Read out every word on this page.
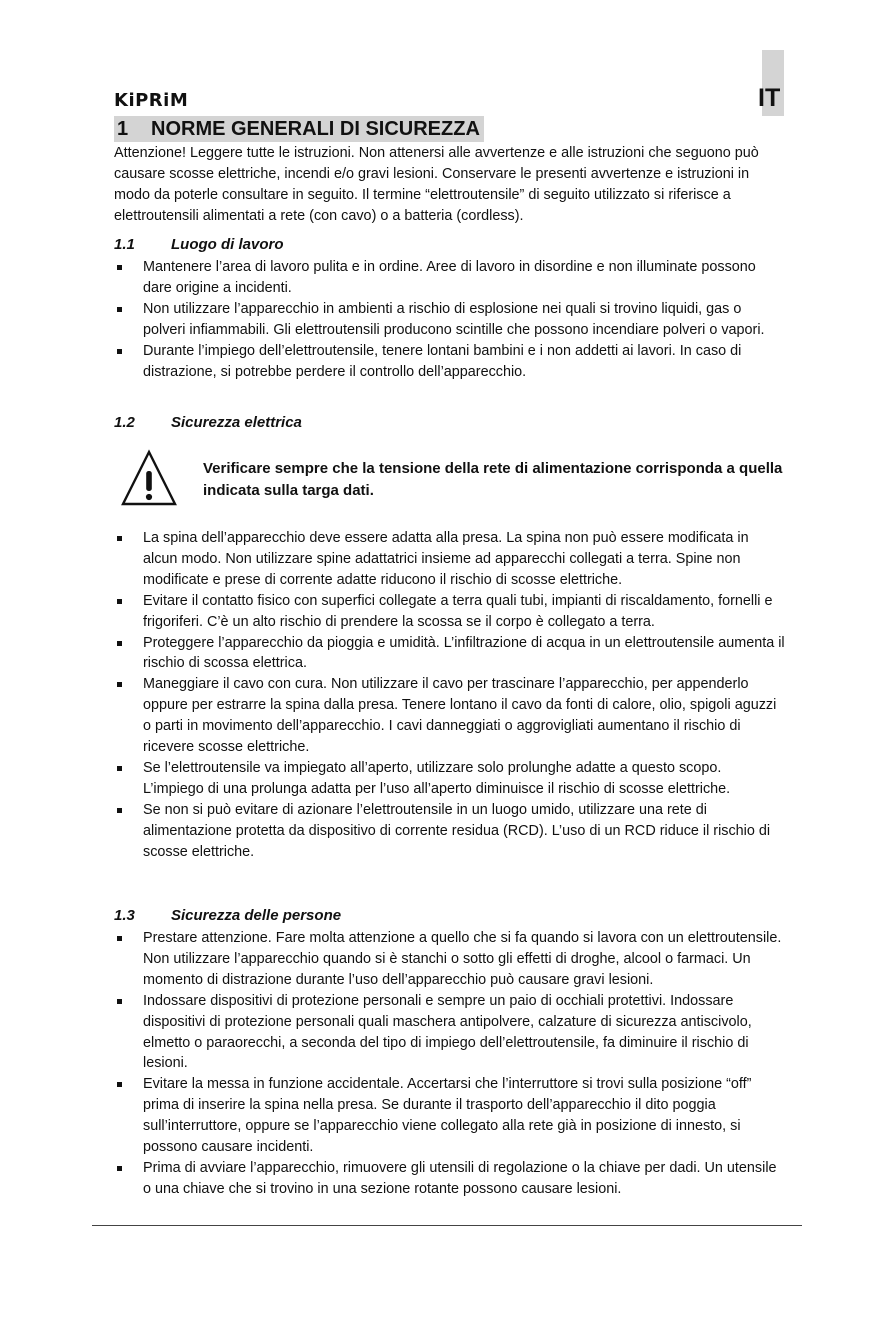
KiPRiM	IT
1 NORME GENERALI DI SICUREZZA

Attenzione! Leggere tutte le istruzioni. Non attenersi alle avvertenze e alle istruzioni che seguono può causare scosse elettriche, incendi e/o gravi lesioni. Conservare le presenti avvertenze e istruzioni in modo da poterle consultare in seguito. Il termine “elettroutensile” di seguito utilizzato si riferisce a elettroutensili alimentati a rete (con cavo) o a batteria (cordless).

1.1 Luogo di lavoro
Mantenere l’area di lavoro pulita e in ordine. Aree di lavoro in disordine e non illuminate possono dare origine a incidenti.
Non utilizzare l’apparecchio in ambienti a rischio di esplosione nei quali si trovino liquidi, gas o polveri infiammabili. Gli elettroutensili producono scintille che possono incendiare polveri o vapori.
Durante l’impiego dell’elettroutensile, tenere lontani bambini e i non addetti ai lavori. In caso di distrazione, si potrebbe perdere il controllo dell’apparecchio.
1.2 Sicurezza elettrica
Verificare sempre che la tensione della rete di alimentazione corrisponda a quella indicata sulla targa dati.
La spina dell’apparecchio deve essere adatta alla presa. La spina non può essere modificata in alcun modo. Non utilizzare spine adattatrici insieme ad apparecchi collegati a terra. Spine non modificate e prese di corrente adatte riducono il rischio di scosse elettriche.
Evitare il contatto fisico con superfici collegate a terra quali tubi, impianti di riscaldamento, fornelli e frigoriferi. C’è un alto rischio di prendere la scossa se il corpo è collegato a terra.
Proteggere l’apparecchio da pioggia e umidità. L’infiltrazione di acqua in un elettroutensile aumenta il rischio di scossa elettrica.
Maneggiare il cavo con cura. Non utilizzare il cavo per trascinare l’apparecchio, per appenderlo oppure per estrarre la spina dalla presa. Tenere lontano il cavo da fonti di calore, olio, spigoli aguzzi o parti in movimento dell’apparecchio. I cavi danneggiati o aggrovigliati aumentano il rischio di ricevere scosse elettriche.
Se l’elettroutensile va impiegato all’aperto, utilizzare solo prolunghe adatte a questo scopo. L’impiego di una prolunga adatta per l’uso all’aperto diminuisce il rischio di scosse elettriche.
Se non si può evitare di azionare l’elettroutensile in un luogo umido, utilizzare una rete di alimentazione protetta da dispositivo di corrente residua (RCD). L’uso di un RCD riduce il rischio di scosse elettriche.
1.3 Sicurezza delle persone
Prestare attenzione. Fare molta attenzione a quello che si fa quando si lavora con un elettroutensile. Non utilizzare l’apparecchio quando si è stanchi o sotto gli effetti di droghe, alcool o farmaci. Un momento di distrazione durante l’uso dell’apparecchio può causare gravi lesioni.
Indossare dispositivi di protezione personali e sempre un paio di occhiali protettivi. Indossare dispositivi di protezione personali quali maschera antipolvere, calzature di sicurezza antiscivolo, elmetto o paraorecchi, a seconda del tipo di impiego dell’elettroutensile, fa diminuire il rischio di lesioni.
Evitare la messa in funzione accidentale. Accertarsi che l’interruttore si trovi sulla posizione “off” prima di inserire la spina nella presa. Se durante il trasporto dell’apparecchio il dito poggia sull’interruttore, oppure se l’apparecchio viene collegato alla rete già in posizione di innesto, si possono causare incidenti.
Prima di avviare l’apparecchio, rimuovere gli utensili di regolazione o la chiave per dadi. Un utensile o una chiave che si trovino in una sezione rotante possono causare lesioni.
